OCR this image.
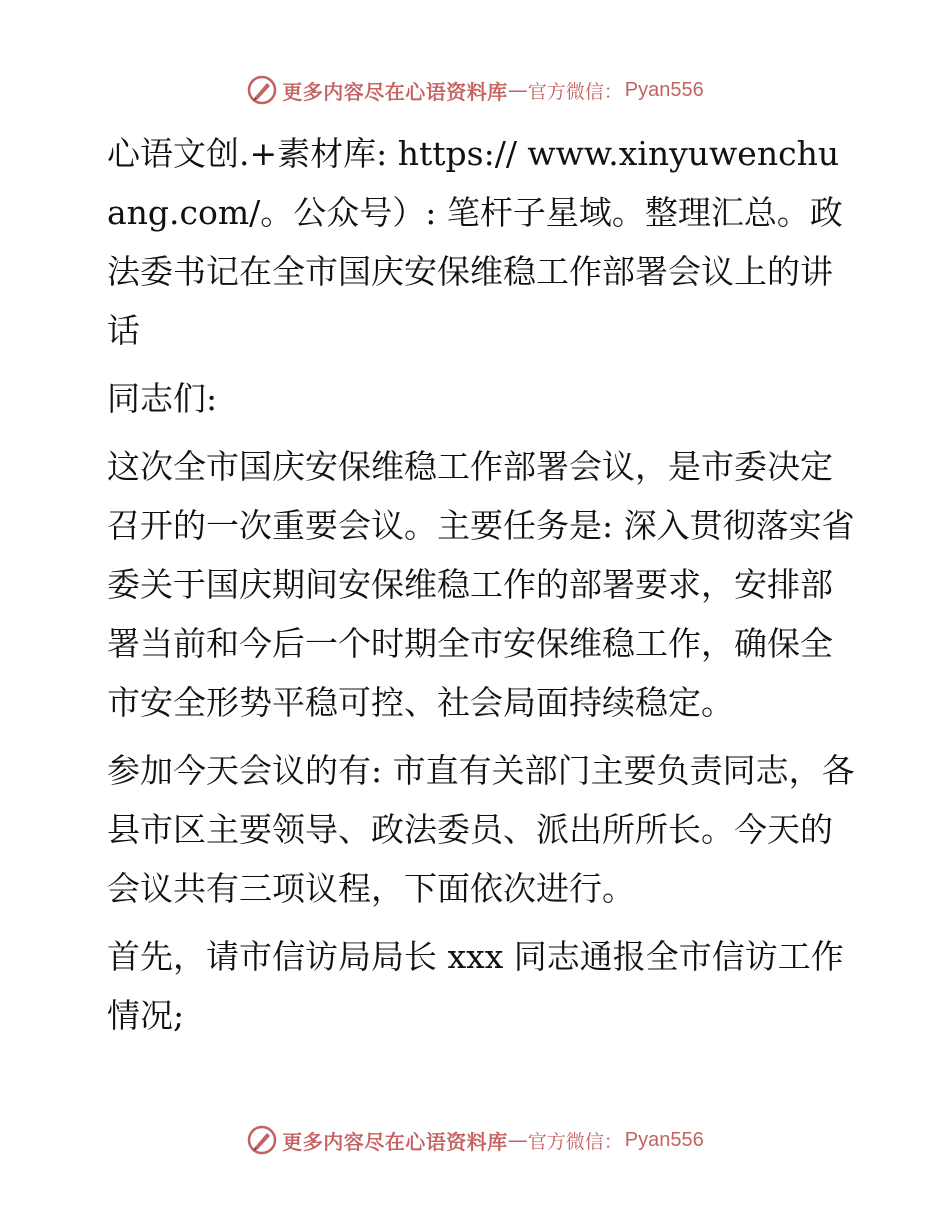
更多内容尽在心语资料库 — 官方微信： Pyan556

心语文创.+素材库: https:// www.xinyuwenchuang.com/。公众号）: 笔杆子星域。整理汇总。政法委书记在全市国庆安保维稳工作部署会议上的讲话

同志们:

这次全市国庆安保维稳工作部署会议，是市委决定召开的一次重要会议。主要任务是: 深入贯彻落实省委关于国庆期间安保维稳工作的部署要求，安排部署当前和今后一个时期全市安保维稳工作，确保全市安全形势平稳可控、社会局面持续稳定。

参加今天会议的有: 市直有关部门主要负责同志，各县市区主要领导、政法委员、派出所所长。今天的会议共有三项议程，下面依次进行。

首先，请市信访局局长 xxx 同志通报全市信访工作情况;

更多内容尽在心语资料库 — 官方微信： Pyan556
